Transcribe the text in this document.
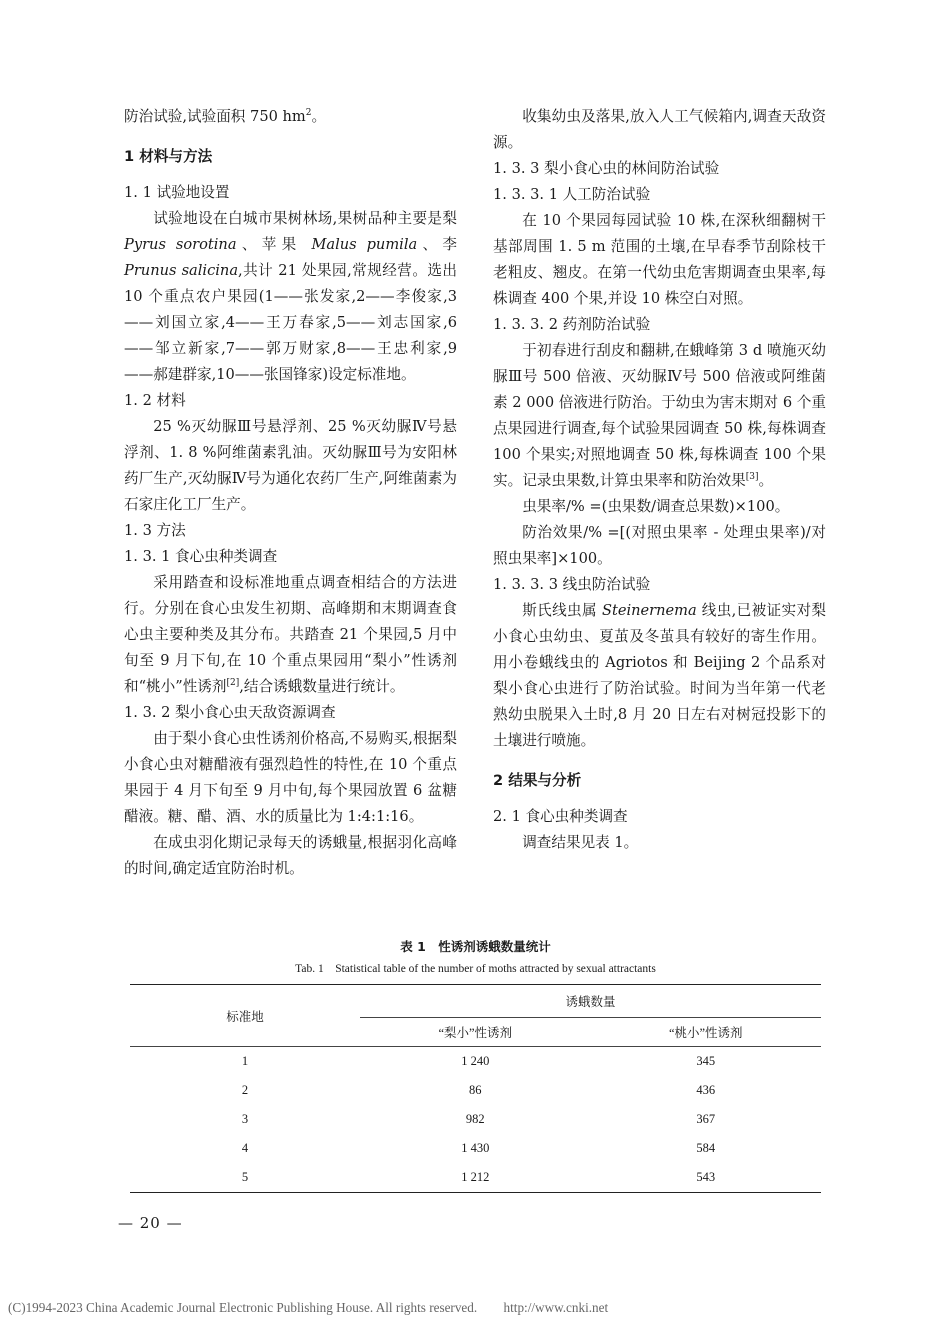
防治试验,试验面积 750 $hm^2$。

1 材料与方法

1. 1 试验地设置

试验地设在白城市果树林场,果树品种主要是梨 Pyrus sorotina、苹果 Malus pumila、李 Prunus salicina,共计 21 处果园,常规经营。选出 10 个重点农户果园(1——张发家,2——李俊家,3——刘国立家,4——王万春家,5——刘志国家,6——邹立新家,7——郭万财家,8——王忠利家,9——郝建群家,10——张国锋家)设定标准地。

1. 2 材料

25 %灭幼脲Ⅲ号悬浮剂、25 %灭幼脲Ⅳ号悬浮剂、1. 8 %阿维菌素乳油。灭幼脲Ⅲ号为安阳林药厂生产,灭幼脲Ⅳ号为通化农药厂生产,阿维菌素为石家庄化工厂生产。

1. 3 方法

1. 3. 1 食心虫种类调查

采用踏查和设标准地重点调查相结合的方法进行。分别在食心虫发生初期、高峰期和末期调查食心虫主要种类及其分布。共踏查 21 个果园,5 月中旬至 9 月下旬,在 10 个重点果园用“梨小”性诱剂和“桃小”性诱剂[2],结合诱蛾数量进行统计。

1. 3. 2 梨小食心虫天敌资源调查

由于梨小食心虫性诱剂价格高,不易购买,根据梨小食心虫对糖醋液有强烈趋性的特性,在 10 个重点果园于 4 月下旬至 9 月中旬,每个果园放置 6 盆糖醋液。糖、醋、酒、水的质量比为 1:4:1:16。

在成虫羽化期记录每天的诱蛾量,根据羽化高峰的时间,确定适宜防治时机。

收集幼虫及落果,放入人工气候箱内,调查天敌资源。

1. 3. 3 梨小食心虫的林间防治试验

1. 3. 3. 1 人工防治试验

在 10 个果园每园试验 10 株,在深秋细翻树干基部周围 1. 5 m 范围的土壤,在早春季节刮除枝干老粗皮、翘皮。在第一代幼虫危害期调查虫果率,每株调查 400 个果,并设 10 株空白对照。

1. 3. 3. 2 药剂防治试验

于初春进行刮皮和翻耕,在蛾峰第 3 d 喷施灭幼脲Ⅲ号 500 倍液、灭幼脲Ⅳ号 500 倍液或阿维菌素 2 000 倍液进行防治。于幼虫为害末期对 6 个重点果园进行调查,每个试验果园调查 50 株,每株调查 100 个果实;对照地调查 50 株,每株调查 100 个果实。记录虫果数,计算虫果率和防治效果[3]。

虫果率/% =(虫果数/调查总果数)×100。

防治效果/% =[(对照虫果率 - 处理虫果率)/对照虫果率]×100。

1. 3. 3. 3 线虫防治试验

斯氏线虫属 Steinernema 线虫,已被证实对梨小食心虫幼虫、夏茧及冬茧具有较好的寄生作用。用小卷蛾线虫的 Agriotos 和 Beijing 2 个品系对梨小食心虫进行了防治试验。时间为当年第一代老熟幼虫脱果入土时,8 月 20 日左右对树冠投影下的土壤进行喷施。

2 结果与分析

2. 1 食心虫种类调查

调查结果见表 1。

表 1　性诱剂诱蛾数量统计
Tab. 1　Statistical table of the number of moths attracted by sexual attractants
标准地	诱蛾数量	
	“梨小”性诱剂	“桃小”性诱剂
1	1 240	345
2	86	436
3	982	367
4	1 430	584
5	1 212	543
— 20 —
(C)1994-2023 China Academic Journal Electronic Publishing House. All rights reserved.　　http://www.cnki.net
